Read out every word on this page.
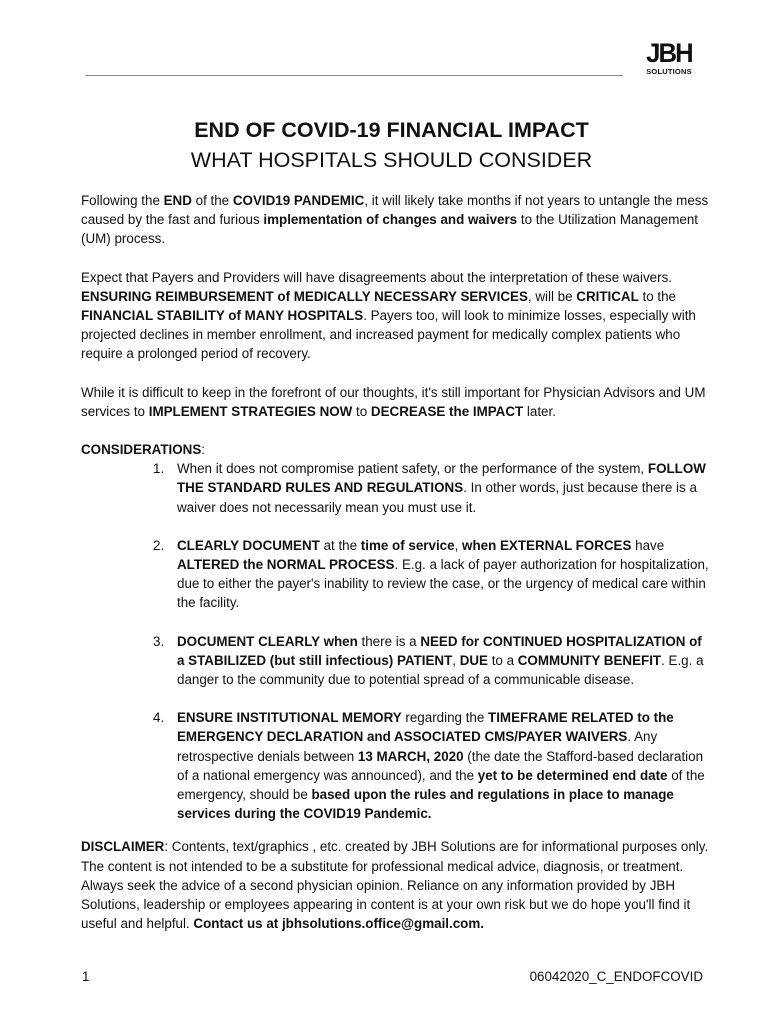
JBH
SOLUTIONS
END OF COVID-19 FINANCIAL IMPACT
WHAT HOSPITALS SHOULD CONSIDER

Following the END of the COVID19 PANDEMIC, it will likely take months if not years to untangle the mess caused by the fast and furious implementation of changes and waivers to the Utilization Management (UM) process.

Expect that Payers and Providers will have disagreements about the interpretation of these waivers. ENSURING REIMBURSEMENT of MEDICALLY NECESSARY SERVICES, will be CRITICAL to the FINANCIAL STABILITY of MANY HOSPITALS. Payers too, will look to minimize losses, especially with projected declines in member enrollment, and increased payment for medically complex patients who require a prolonged period of recovery.

While it is difficult to keep in the forefront of our thoughts, it's still important for Physician Advisors and UM services to IMPLEMENT STRATEGIES NOW to DECREASE the IMPACT later.

CONSIDERATIONS:

1. When it does not compromise patient safety, or the performance of the system, FOLLOW THE STANDARD RULES AND REGULATIONS. In other words, just because there is a waiver does not necessarily mean you must use it.
2. CLEARLY DOCUMENT at the time of service, when EXTERNAL FORCES have ALTERED the NORMAL PROCESS. E.g. a lack of payer authorization for hospitalization, due to either the payer's inability to review the case, or the urgency of medical care within the facility.
3. DOCUMENT CLEARLY when there is a NEED for CONTINUED HOSPITALIZATION of a STABILIZED (but still infectious) PATIENT, DUE to a COMMUNITY BENEFIT. E.g. a danger to the community due to potential spread of a communicable disease.
4. ENSURE INSTITUTIONAL MEMORY regarding the TIMEFRAME RELATED to the EMERGENCY DECLARATION and ASSOCIATED CMS/PAYER WAIVERS. Any retrospective denials between 13 MARCH, 2020 (the date the Stafford-based declaration of a national emergency was announced), and the yet to be determined end date of the emergency, should be based upon the rules and regulations in place to manage services during the COVID19 Pandemic.

DISCLAIMER: Contents, text/graphics , etc. created by JBH Solutions are for informational purposes only. The content is not intended to be a substitute for professional medical advice, diagnosis, or treatment. Always seek the advice of a second physician opinion. Reliance on any information provided by JBH Solutions, leadership or employees appearing in content is at your own risk but we do hope you'll find it useful and helpful. Contact us at jbhsolutions.office@gmail.com.

1	06042020_C_ENDOFCOVID
